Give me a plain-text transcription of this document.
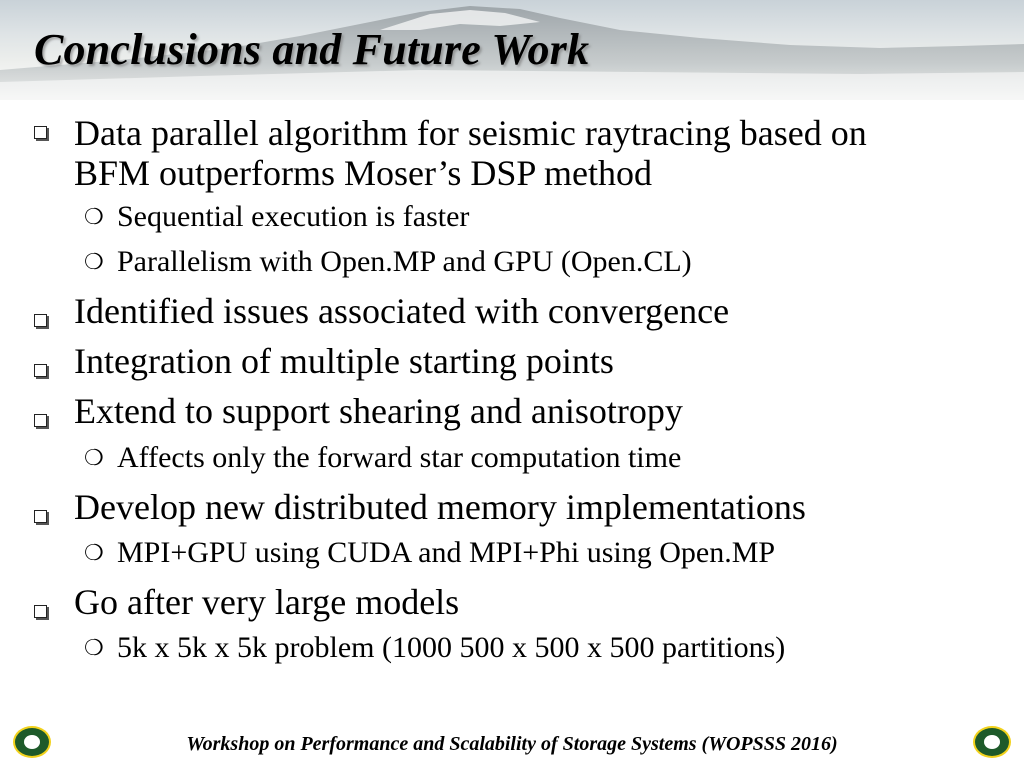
Conclusions and Future Work
Data parallel algorithm for seismic raytracing based on
BFM outperforms Moser’s DSP method
❍ Sequential execution is faster
❍ Parallelism with Open.MP and GPU (Open.CL)
Identified issues associated with convergence
Integration of multiple starting points
Extend to support shearing and anisotropy
❍ Affects only the forward star computation time
Develop new distributed memory implementations
❍ MPI+GPU using CUDA and MPI+Phi using Open.MP
Go after very large models
❍ 5k x 5k x 5k problem (1000 500 x 500 x 500 partitions)
Workshop on Performance and Scalability of Storage Systems (WOPSSS 2016)
